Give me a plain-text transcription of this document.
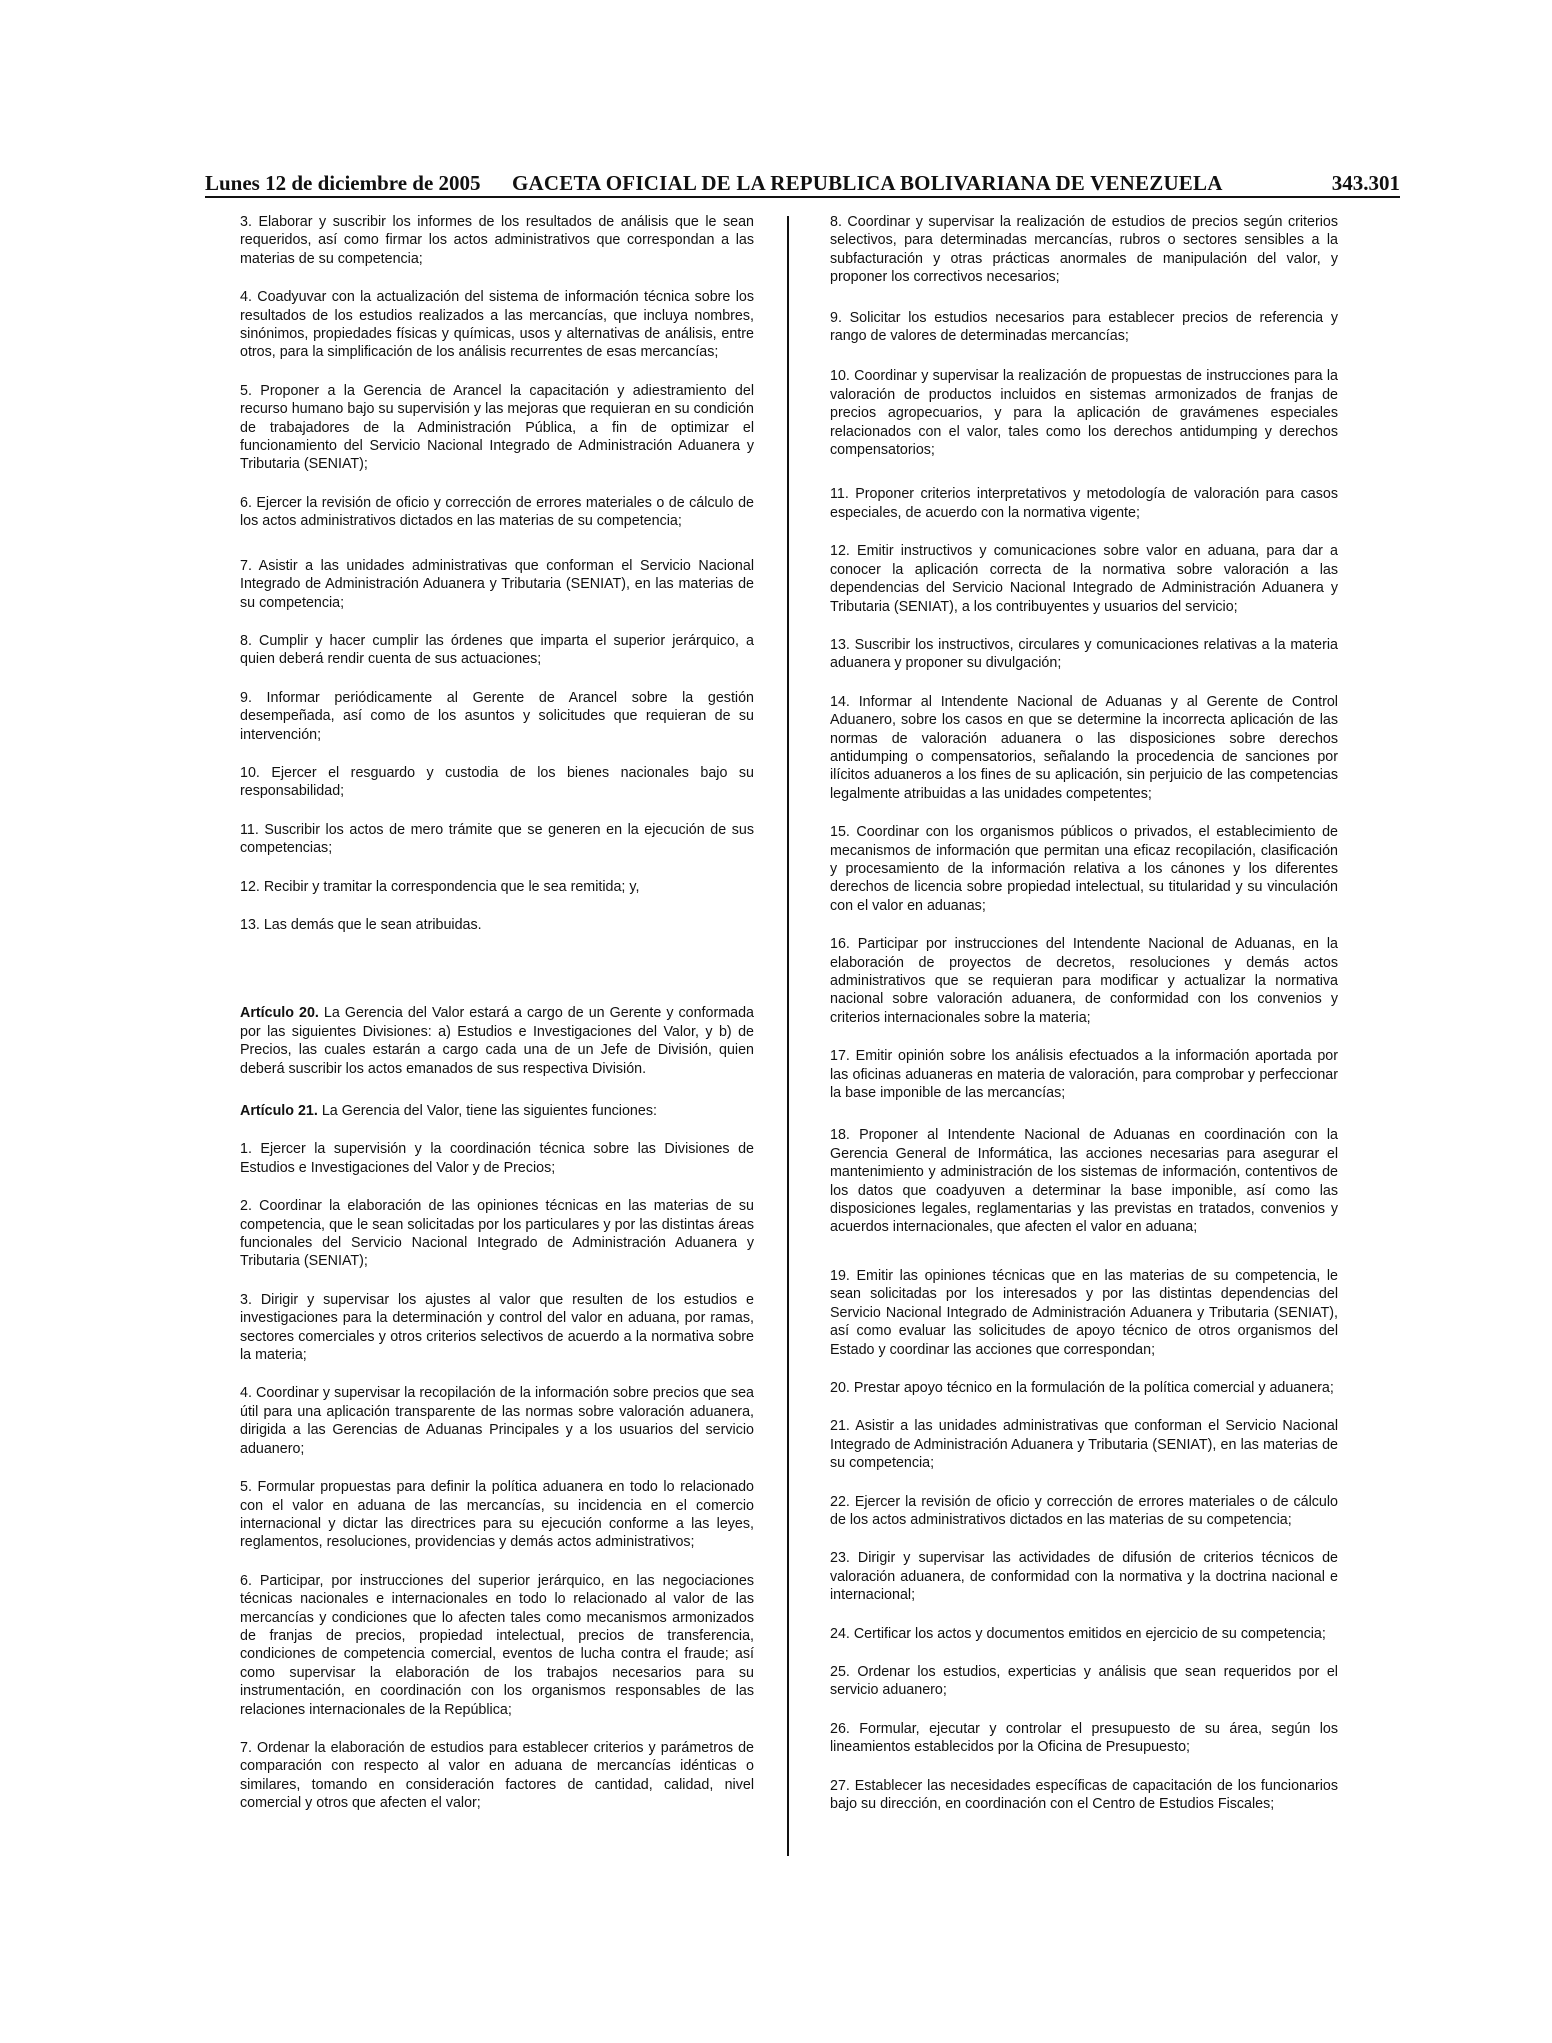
Lunes 12 de diciembre de 2005 GACETA OFICIAL DE LA REPUBLICA BOLIVARIANA DE VENEZUELA	343.301

3. Elaborar y suscribir los informes de los resultados de análisis que le sean requeridos, así como firmar los actos administrativos que correspondan a las materias de su competencia;

4. Coadyuvar con la actualización del sistema de información técnica sobre los resultados de los estudios realizados a las mercancías, que incluya nombres, sinónimos, propiedades físicas y químicas, usos y alternativas de análisis, entre otros, para la simplificación de los análisis recurrentes de esas mercancías;

5. Proponer a la Gerencia de Arancel la capacitación y adiestramiento del recurso humano bajo su supervisión y las mejoras que requieran en su condición de trabajadores de la Administración Pública, a fin de optimizar el funcionamiento del Servicio Nacional Integrado de Administración Aduanera y Tributaria (SENIAT);

6. Ejercer la revisión de oficio y corrección de errores materiales o de cálculo de los actos administrativos dictados en las materias de su competencia;

7. Asistir a las unidades administrativas que conforman el Servicio Nacional Integrado de Administración Aduanera y Tributaria (SENIAT), en las materias de su competencia;

8. Cumplir y hacer cumplir las órdenes que imparta el superior jerárquico, a quien deberá rendir cuenta de sus actuaciones;

9. Informar periódicamente al Gerente de Arancel sobre la gestión desempeñada, así como de los asuntos y solicitudes que requieran de su intervención;

10. Ejercer el resguardo y custodia de los bienes nacionales bajo su responsabilidad;

11. Suscribir los actos de mero trámite que se generen en la ejecución de sus competencias;

12. Recibir y tramitar la correspondencia que le sea remitida; y,

13. Las demás que le sean atribuidas.

Artículo 20. La Gerencia del Valor estará a cargo de un Gerente y conformada por las siguientes Divisiones: a) Estudios e Investigaciones del Valor, y b) de Precios, las cuales estarán a cargo cada una de un Jefe de División, quien deberá suscribir los actos emanados de sus respectiva División.

Artículo 21. La Gerencia del Valor, tiene las siguientes funciones:

1. Ejercer la supervisión y la coordinación técnica sobre las Divisiones de Estudios e Investigaciones del Valor y de Precios;

2. Coordinar la elaboración de las opiniones técnicas en las materias de su competencia, que le sean solicitadas por los particulares y por las distintas áreas funcionales del Servicio Nacional Integrado de Administración Aduanera y Tributaria (SENIAT);

3. Dirigir y supervisar los ajustes al valor que resulten de los estudios e investigaciones para la determinación y control del valor en aduana, por ramas, sectores comerciales y otros criterios selectivos de acuerdo a la normativa sobre la materia;

4. Coordinar y supervisar la recopilación de la información sobre precios que sea útil para una aplicación transparente de las normas sobre valoración aduanera, dirigida a las Gerencias de Aduanas Principales y a los usuarios del servicio aduanero;

5. Formular propuestas para definir la política aduanera en todo lo relacionado con el valor en aduana de las mercancías, su incidencia en el comercio internacional y dictar las directrices para su ejecución conforme a las leyes, reglamentos, resoluciones, providencias y demás actos administrativos;

6. Participar, por instrucciones del superior jerárquico, en las negociaciones técnicas nacionales e internacionales en todo lo relacionado al valor de las mercancías y condiciones que lo afecten tales como mecanismos armonizados de franjas de precios, propiedad intelectual, precios de transferencia, condiciones de competencia comercial, eventos de lucha contra el fraude; así como supervisar la elaboración de los trabajos necesarios para su instrumentación, en coordinación con los organismos responsables de las relaciones internacionales de la República;

7. Ordenar la elaboración de estudios para establecer criterios y parámetros de comparación con respecto al valor en aduana de mercancías idénticas o similares, tomando en consideración factores de cantidad, calidad, nivel comercial y otros que afecten el valor;

8. Coordinar y supervisar la realización de estudios de precios según criterios selectivos, para determinadas mercancías, rubros o sectores sensibles a la subfacturación y otras prácticas anormales de manipulación del valor, y proponer los correctivos necesarios;

9. Solicitar los estudios necesarios para establecer precios de referencia y rango de valores de determinadas mercancías;

10. Coordinar y supervisar la realización de propuestas de instrucciones para la valoración de productos incluidos en sistemas armonizados de franjas de precios agropecuarios, y para la aplicación de gravámenes especiales relacionados con el valor, tales como los derechos antidumping y derechos compensatorios;

11. Proponer criterios interpretativos y metodología de valoración para casos especiales, de acuerdo con la normativa vigente;

12. Emitir instructivos y comunicaciones sobre valor en aduana, para dar a conocer la aplicación correcta de la normativa sobre valoración a las dependencias del Servicio Nacional Integrado de Administración Aduanera y Tributaria (SENIAT), a los contribuyentes y usuarios del servicio;

13. Suscribir los instructivos, circulares y comunicaciones relativas a la materia aduanera y proponer su divulgación;

14. Informar al Intendente Nacional de Aduanas y al Gerente de Control Aduanero, sobre los casos en que se determine la incorrecta aplicación de las normas de valoración aduanera o las disposiciones sobre derechos antidumping o compensatorios, señalando la procedencia de sanciones por ilícitos aduaneros a los fines de su aplicación, sin perjuicio de las competencias legalmente atribuidas a las unidades competentes;

15. Coordinar con los organismos públicos o privados, el establecimiento de mecanismos de información que permitan una eficaz recopilación, clasificación y procesamiento de la información relativa a los cánones y los diferentes derechos de licencia sobre propiedad intelectual, su titularidad y su vinculación con el valor en aduanas;

16. Participar por instrucciones del Intendente Nacional de Aduanas, en la elaboración de proyectos de decretos, resoluciones y demás actos administrativos que se requieran para modificar y actualizar la normativa nacional sobre valoración aduanera, de conformidad con los convenios y criterios internacionales sobre la materia;

17. Emitir opinión sobre los análisis efectuados a la información aportada por las oficinas aduaneras en materia de valoración, para comprobar y perfeccionar la base imponible de las mercancías;

18. Proponer al Intendente Nacional de Aduanas en coordinación con la Gerencia General de Informática, las acciones necesarias para asegurar el mantenimiento y administración de los sistemas de información, contentivos de los datos que coadyuven a determinar la base imponible, así como las disposiciones legales, reglamentarias y las previstas en tratados, convenios y acuerdos internacionales, que afecten el valor en aduana;

19. Emitir las opiniones técnicas que en las materias de su competencia, le sean solicitadas por los interesados y por las distintas dependencias del Servicio Nacional Integrado de Administración Aduanera y Tributaria (SENIAT), así como evaluar las solicitudes de apoyo técnico de otros organismos del Estado y coordinar las acciones que correspondan;

20. Prestar apoyo técnico en la formulación de la política comercial y aduanera;

21. Asistir a las unidades administrativas que conforman el Servicio Nacional Integrado de Administración Aduanera y Tributaria (SENIAT), en las materias de su competencia;

22. Ejercer la revisión de oficio y corrección de errores materiales o de cálculo de los actos administrativos dictados en las materias de su competencia;

23. Dirigir y supervisar las actividades de difusión de criterios técnicos de valoración aduanera, de conformidad con la normativa y la doctrina nacional e internacional;

24. Certificar los actos y documentos emitidos en ejercicio de su competencia;

25. Ordenar los estudios, experticias y análisis que sean requeridos por el servicio aduanero;

26. Formular, ejecutar y controlar el presupuesto de su área, según los lineamientos establecidos por la Oficina de Presupuesto;

27. Establecer las necesidades específicas de capacitación de los funcionarios bajo su dirección, en coordinación con el Centro de Estudios Fiscales;
